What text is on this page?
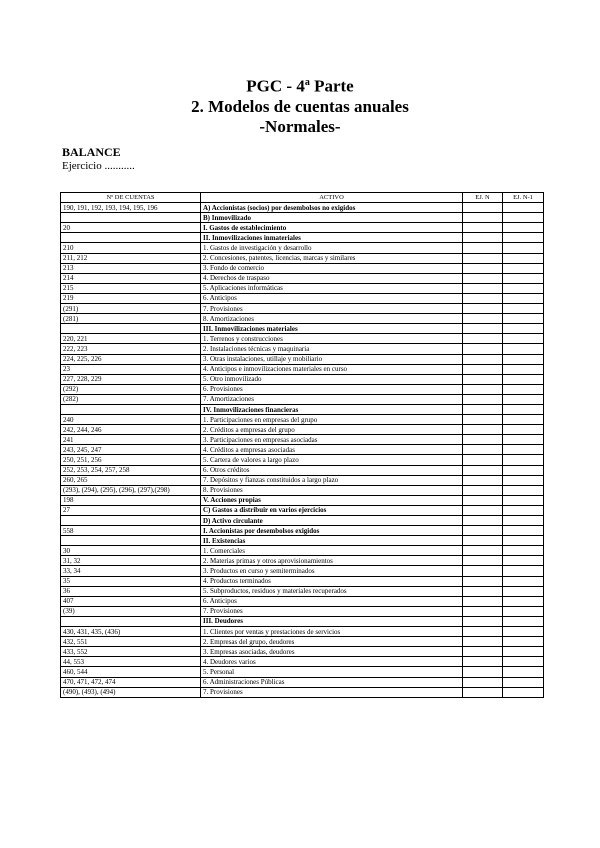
PGC - 4$^a$ Parte
2. Modelos de cuentas anuales
-Normales-
BALANCE
Ejercicio ...........
Nº DE CUENTAS	ACTIVO	EJ. N	EJ. N-1
190, 191, 192, 193, 194, 195, 196	A) Accionistas (socios) por desembolsos no exigidos		
	B) Inmovilizado		
20	I. Gastos de establecimiento		
	II. Inmovilizaciones inmateriales		
210	1. Gastos de investigación y desarrollo		
211, 212	2. Concesiones, patentes, licencias, marcas y similares		
213	3. Fondo de comercio		
214	4. Derechos de traspaso		
215	5. Aplicaciones informáticas		
219	6. Anticipos		
(291)	7. Provisiones		
(281)	8. Amortizaciones		
	III. Inmovilizaciones materiales		
220, 221	1. Terrenos y construcciones		
222, 223	2. Instalaciones técnicas y maquinaria		
224, 225, 226	3. Otras instalaciones, utillaje y mobiliario		
23	4. Anticipos e inmovilizaciones materiales en curso		
227, 228, 229	5. Otro inmovilizado		
(292)	6. Provisiones		
(282)	7. Amortizaciones		
	IV. Inmovilizaciones financieras		
240	1. Participaciones en empresas del grupo		
242, 244, 246	2. Créditos a empresas del grupo		
241	3. Participaciones en empresas asociadas		
243, 245, 247	4. Créditos a empresas asociadas		
250, 251, 256	5. Cartera de valores a largo plazo		
252, 253, 254, 257, 258	6. Otros créditos		
260, 265	7. Depósitos y fianzas constituidos a largo plazo		
(293), (294), (295), (296), (297),(298)	8. Provisiones		
198	V. Acciones propias		
27	C) Gastos a distribuir en varios ejercicios		
	D) Activo circulante		
558	I. Accionistas por desembolsos exigidos		
	II. Existencias		
30	1. Comerciales		
31, 32	2. Materias primas y otros aprovisionamientos		
33, 34	3. Productos en curso y semiterminados		
35	4. Productos terminados		
36	5. Subproductos, residuos y materiales recuperados		
407	6. Anticipos		
(39)	7. Provisiones		
	III. Deudores		
430, 431, 435, (436)	1. Clientes por ventas y prestaciones de servicios		
432, 551	2. Empresas del grupo, deudores		
433, 552	3. Empresas asociadas, deudores		
44, 553	4. Deudores varios		
460, 544	5. Personal		
470, 471, 472, 474	6. Administraciones Públicas		
(490), (493), (494)	7. Provisiones		
